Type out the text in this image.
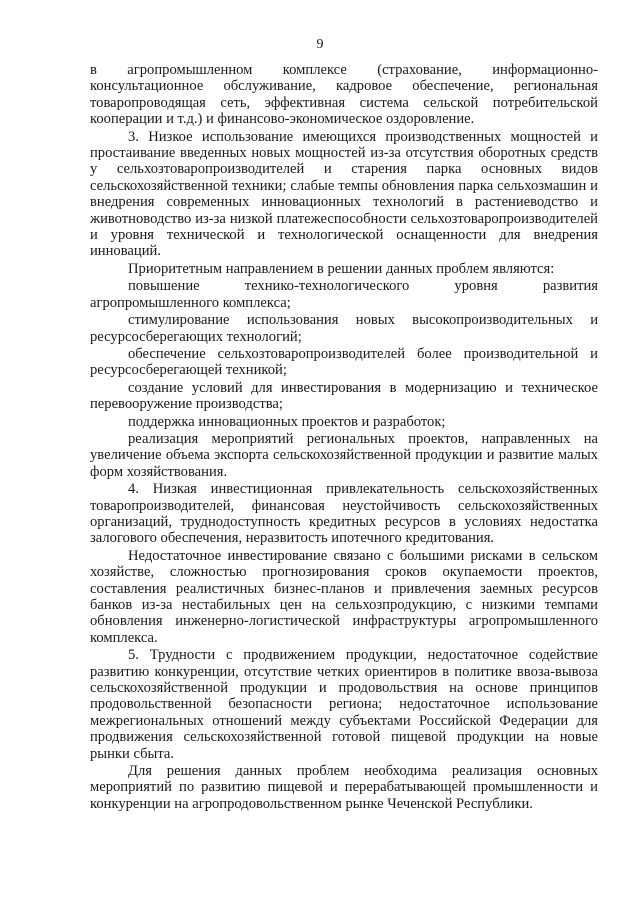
9

в агропромышленном комплексе (страхование, информационно-консультационное обслуживание, кадровое обеспечение, региональная товаропроводящая сеть, эффективная система сельской потребительской кооперации и т.д.) и финансово-экономическое оздоровление.

3. Низкое использование имеющихся производственных мощностей и простаивание введенных новых мощностей из-за отсутствия оборотных средств у сельхозтоваропроизводителей и старения парка основных видов сельскохозяйственной техники; слабые темпы обновления парка сельхозмашин и внедрения современных инновационных технологий в растениеводство и животноводство из-за низкой платежеспособности сельхозтоваропроизводителей и уровня технической и технологической оснащенности для внедрения инноваций.

Приоритетным направлением в решении данных проблем являются:

повышение технико-технологического уровня развития агропромышленного комплекса;

стимулирование использования новых высокопроизводительных и ресурсосберегающих технологий;

обеспечение сельхозтоваропроизводителей более производительной и ресурсосберегающей техникой;

создание условий для инвестирования в модернизацию и техническое перевооружение производства;

поддержка инновационных проектов и разработок;

реализация мероприятий региональных проектов, направленных на увеличение объема экспорта сельскохозяйственной продукции и развитие малых форм хозяйствования.

4. Низкая инвестиционная привлекательность сельскохозяйственных товаропроизводителей, финансовая неустойчивость сельскохозяйственных организаций, труднодоступность кредитных ресурсов в условиях недостатка залогового обеспечения, неразвитость ипотечного кредитования.

Недостаточное инвестирование связано с большими рисками в сельском хозяйстве, сложностью прогнозирования сроков окупаемости проектов, составления реалистичных бизнес-планов и привлечения заемных ресурсов банков из-за нестабильных цен на сельхозпродукцию, с низкими темпами обновления инженерно-логистической инфраструктуры агропромышленного комплекса.

5. Трудности с продвижением продукции, недостаточное содействие развитию конкуренции, отсутствие четких ориентиров в политике ввоза-вывоза сельскохозяйственной продукции и продовольствия на основе принципов продовольственной безопасности региона; недостаточное использование межрегиональных отношений между субъектами Российской Федерации для продвижения сельскохозяйственной готовой пищевой продукции на новые рынки сбыта.

Для решения данных проблем необходима реализация основных мероприятий по развитию пищевой и перерабатывающей промышленности и конкуренции на агропродовольственном рынке Чеченской Республики.
